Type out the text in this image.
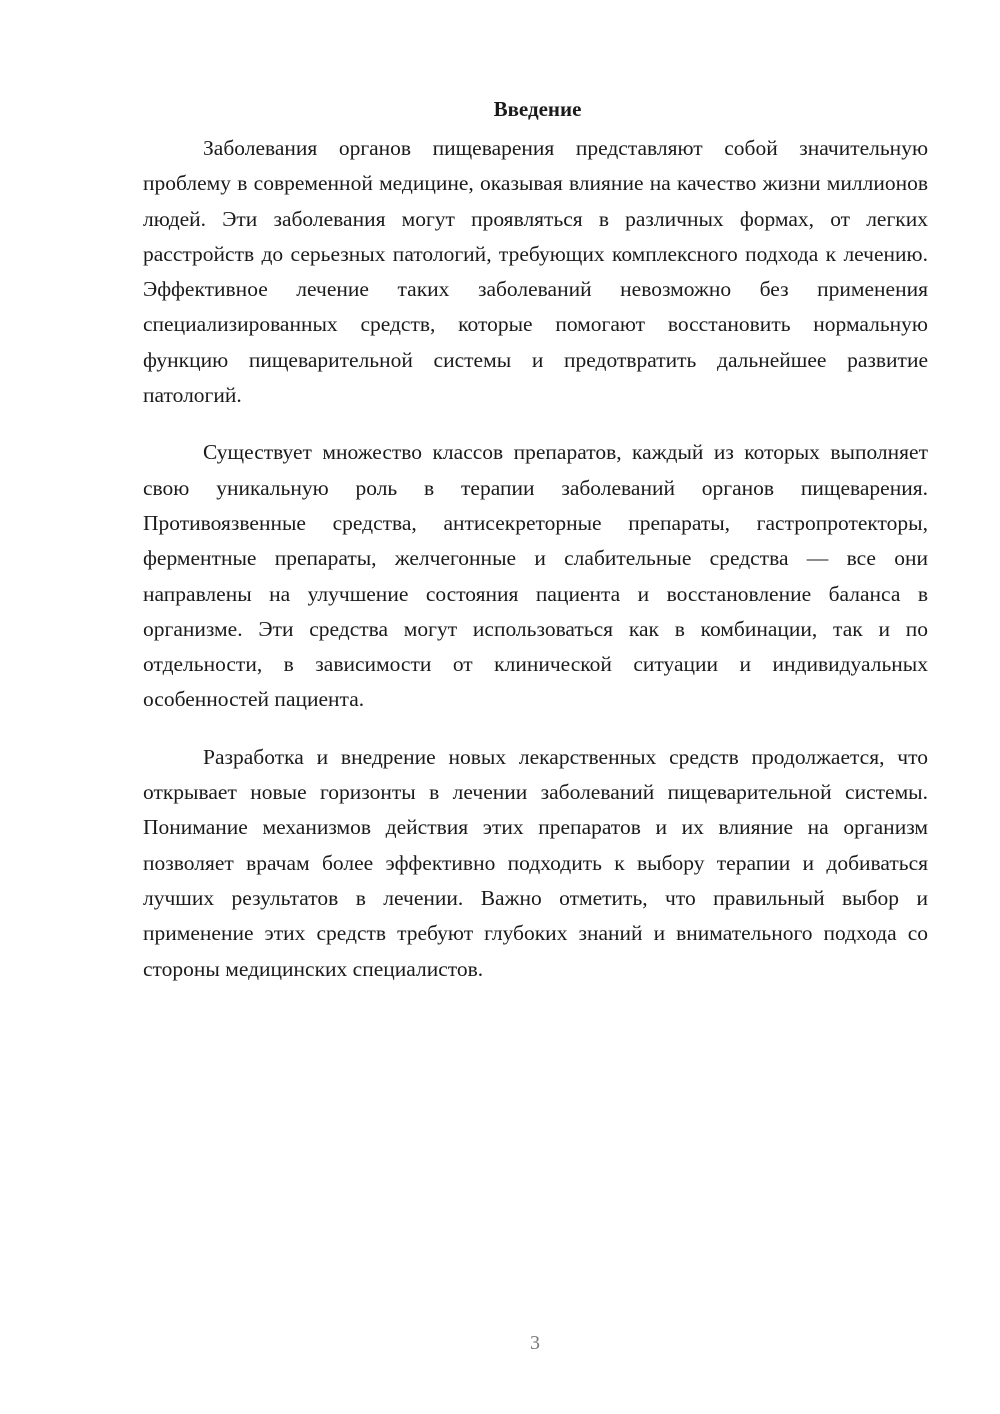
Введение

Заболевания органов пищеварения представляют собой значительную проблему в современной медицине, оказывая влияние на качество жизни миллионов людей. Эти заболевания могут проявляться в различных формах, от легких расстройств до серьезных патологий, требующих комплексного подхода к лечению. Эффективное лечение таких заболеваний невозможно без применения специализированных средств, которые помогают восстановить нормальную функцию пищеварительной системы и предотвратить дальнейшее развитие патологий.

Существует множество классов препаратов, каждый из которых выполняет свою уникальную роль в терапии заболеваний органов пищеварения. Противоязвенные средства, антисекреторные препараты, гастропротекторы, ферментные препараты, желчегонные и слабительные средства — все они направлены на улучшение состояния пациента и восстановление баланса в организме. Эти средства могут использоваться как в комбинации, так и по отдельности, в зависимости от клинической ситуации и индивидуальных особенностей пациента.

Разработка и внедрение новых лекарственных средств продолжается, что открывает новые горизонты в лечении заболеваний пищеварительной системы. Понимание механизмов действия этих препаратов и их влияние на организм позволяет врачам более эффективно подходить к выбору терапии и добиваться лучших результатов в лечении. Важно отметить, что правильный выбор и применение этих средств требуют глубоких знаний и внимательного подхода со стороны медицинских специалистов.

3
